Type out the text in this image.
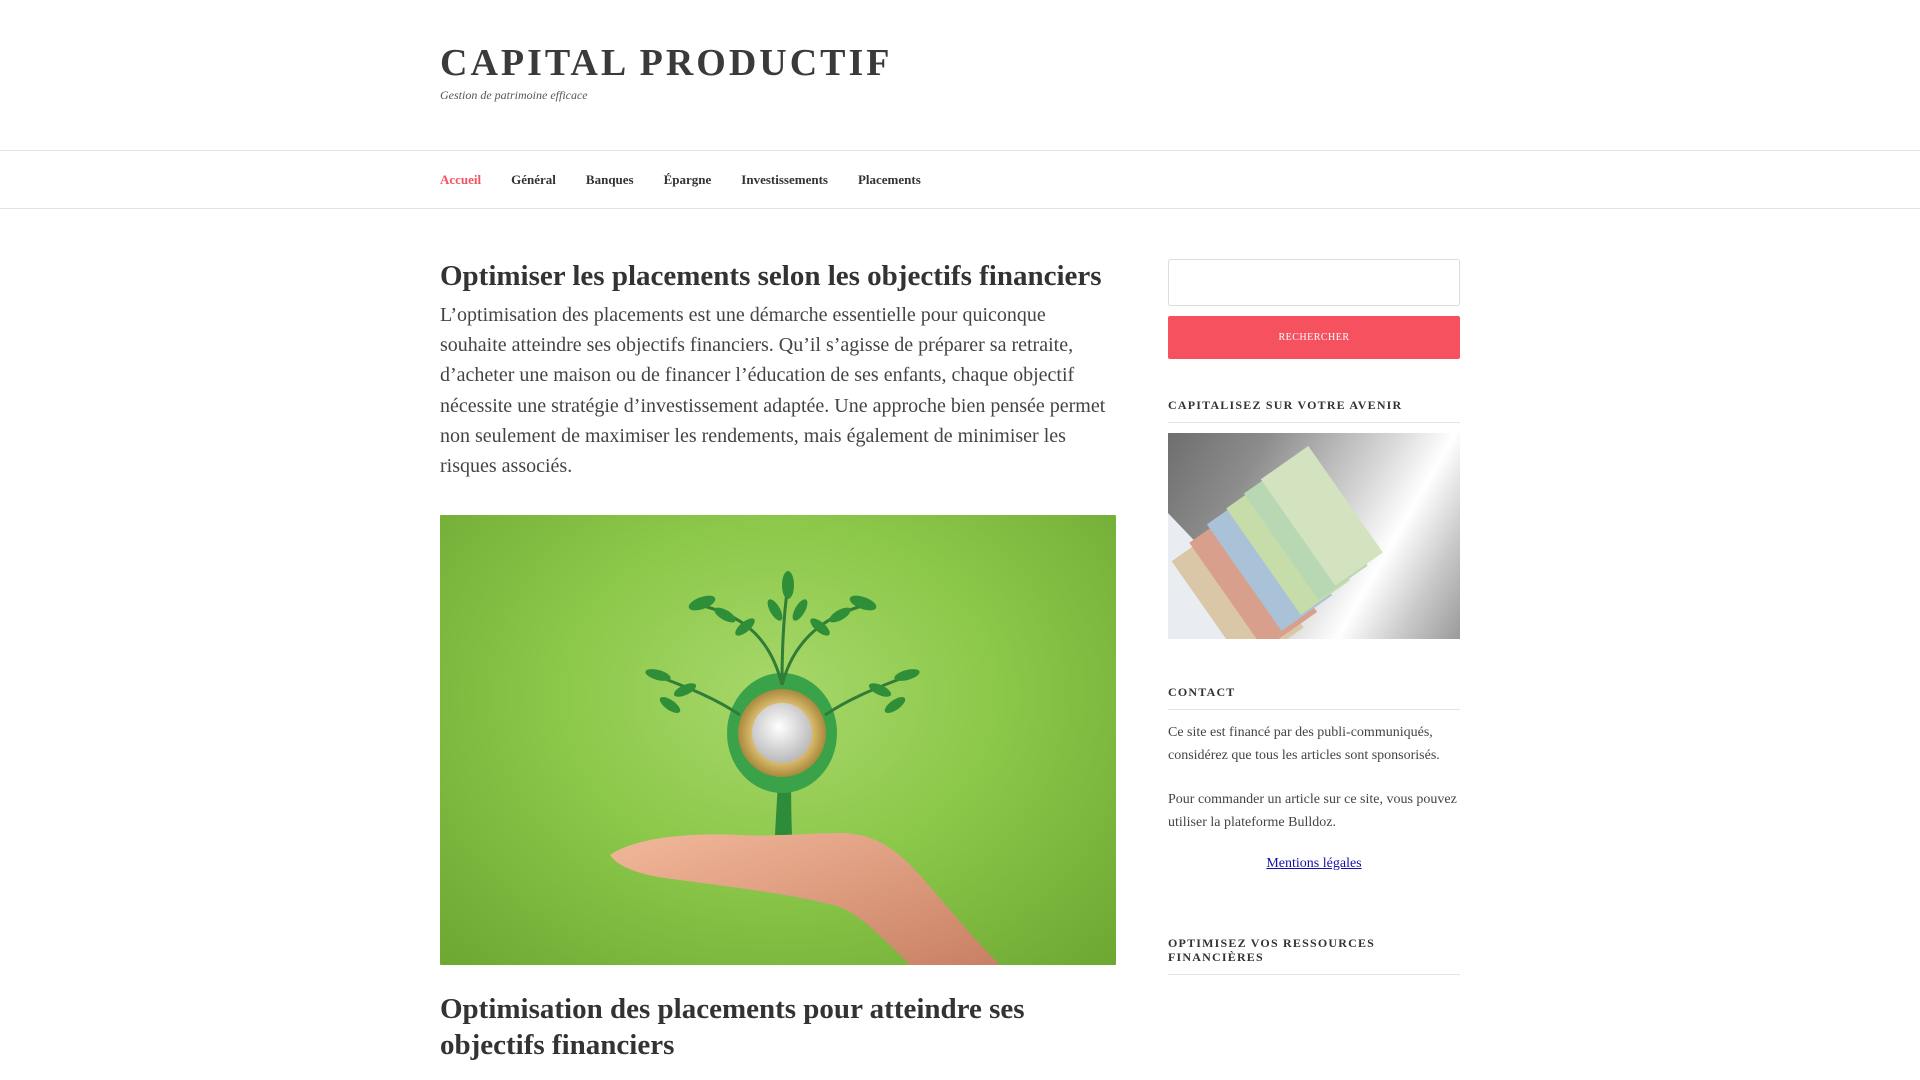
CAPITAL PRODUCTIF
Gestion de patrimoine efficace
Accueil Général Banques Épargne Investissements Placements
Optimiser les placements selon les objectifs financiers

L’optimisation des placements est une démarche essentielle pour quiconque souhaite atteindre ses objectifs financiers. Qu’il s’agisse de préparer sa retraite, d’acheter une maison ou de financer l’éducation de ses enfants, chaque objectif nécessite une stratégie d’investissement adaptée. Une approche bien pensée permet non seulement de maximiser les rendements, mais également de minimiser les risques associés.

Optimisation des placements pour atteindre ses objectifs financiers
RECHERCHER
CAPITALISEZ SUR VOTRE AVENIR
CONTACT

Ce site est financé par des publi-communiqués, considérez que tous les articles sont sponsorisés.

Pour commander un article sur ce site, vous pouvez utiliser la plateforme Bulldoz.

Mentions légales
OPTIMISEZ VOS RESSOURCES FINANCIÈRES
